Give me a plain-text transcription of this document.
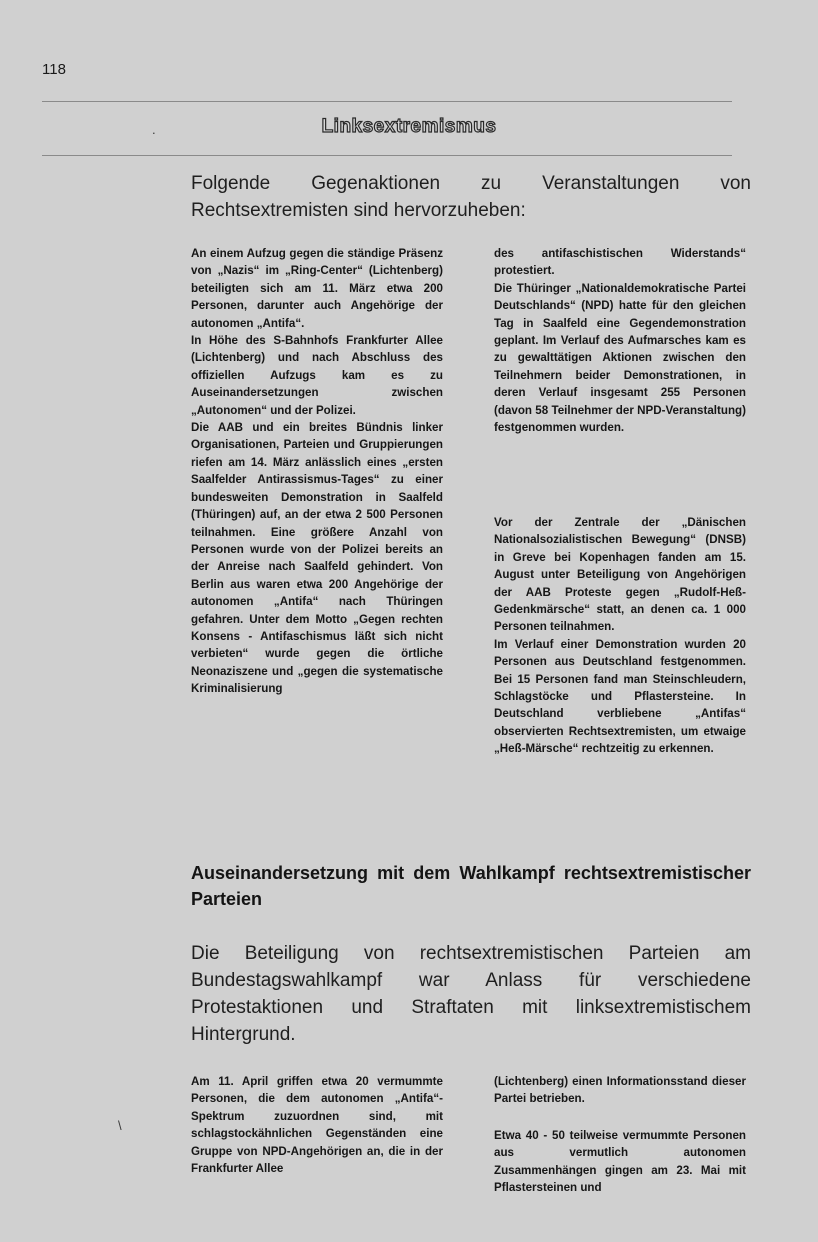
118
Linksextremismus
.

Folgende Gegenaktionen zu Veranstaltungen von Rechtsextremisten sind hervorzuheben:

An einem Aufzug gegen die ständige Präsenz von „Nazis“ im „Ring-Center“ (Lichtenberg) beteiligten sich am 11. März etwa 200 Personen, darunter auch Angehörige der autonomen „Antifa“.

In Höhe des S-Bahnhofs Frankfurter Allee (Lichtenberg) und nach Abschluss des offiziellen Aufzugs kam es zu Auseinandersetzungen zwischen „Autonomen“ und der Polizei.

Die AAB und ein breites Bündnis linker Organisationen, Parteien und Gruppierungen riefen am 14. März anlässlich eines „ersten Saalfelder Antirassismus-Tages“ zu einer bundesweiten Demonstration in Saalfeld (Thüringen) auf, an der etwa 2 500 Personen teilnahmen. Eine größere Anzahl von Personen wurde von der Polizei bereits an der Anreise nach Saalfeld gehindert. Von Berlin aus waren etwa 200 Angehörige der autonomen „Antifa“ nach Thüringen gefahren. Unter dem Motto „Gegen rechten Konsens - Antifaschismus läßt sich nicht verbieten“ wurde gegen die örtliche Neonaziszene und „gegen die systematische Kriminalisierung

des antifaschistischen Widerstands“ protestiert.

Die Thüringer „Nationaldemokratische Partei Deutschlands“ (NPD) hatte für den gleichen Tag in Saalfeld eine Gegendemonstration geplant. Im Verlauf des Aufmarsches kam es zu gewalttätigen Aktionen zwischen den Teilnehmern beider Demonstrationen, in deren Verlauf insgesamt 255 Personen (davon 58 Teilnehmer der NPD-Veranstaltung) festgenommen wurden.

Vor der Zentrale der „Dänischen Nationalsozialistischen Bewegung“ (DNSB) in Greve bei Kopenhagen fanden am 15. August unter Beteiligung von Angehörigen der AAB Proteste gegen „Rudolf-Heß-Gedenkmärsche“ statt, an denen ca. 1 000 Personen teilnahmen.

Im Verlauf einer Demonstration wurden 20 Personen aus Deutschland festgenommen. Bei 15 Personen fand man Steinschleudern, Schlagstöcke und Pflastersteine. In Deutschland verbliebene „Antifas“ observierten Rechtsextremisten, um etwaige „Heß-Märsche“ rechtzeitig zu erkennen.

Auseinandersetzung mit dem Wahlkampf rechtsextremistischer Parteien

Die Beteiligung von rechtsextremistischen Parteien am Bundestagswahlkampf war Anlass für verschiedene Protestaktionen und Straftaten mit linksextremistischem Hintergrund.

\

Am 11. April griffen etwa 20 vermummte Personen, die dem autonomen „Antifa“-Spektrum zuzuordnen sind, mit schlagstockähnlichen Gegenständen eine Gruppe von NPD-Angehörigen an, die in der Frankfurter Allee

(Lichtenberg) einen Informationsstand dieser Partei betrieben.

Etwa 40 - 50 teilweise vermummte Personen aus vermutlich autonomen Zusammenhängen gingen am 23. Mai mit Pflastersteinen und
